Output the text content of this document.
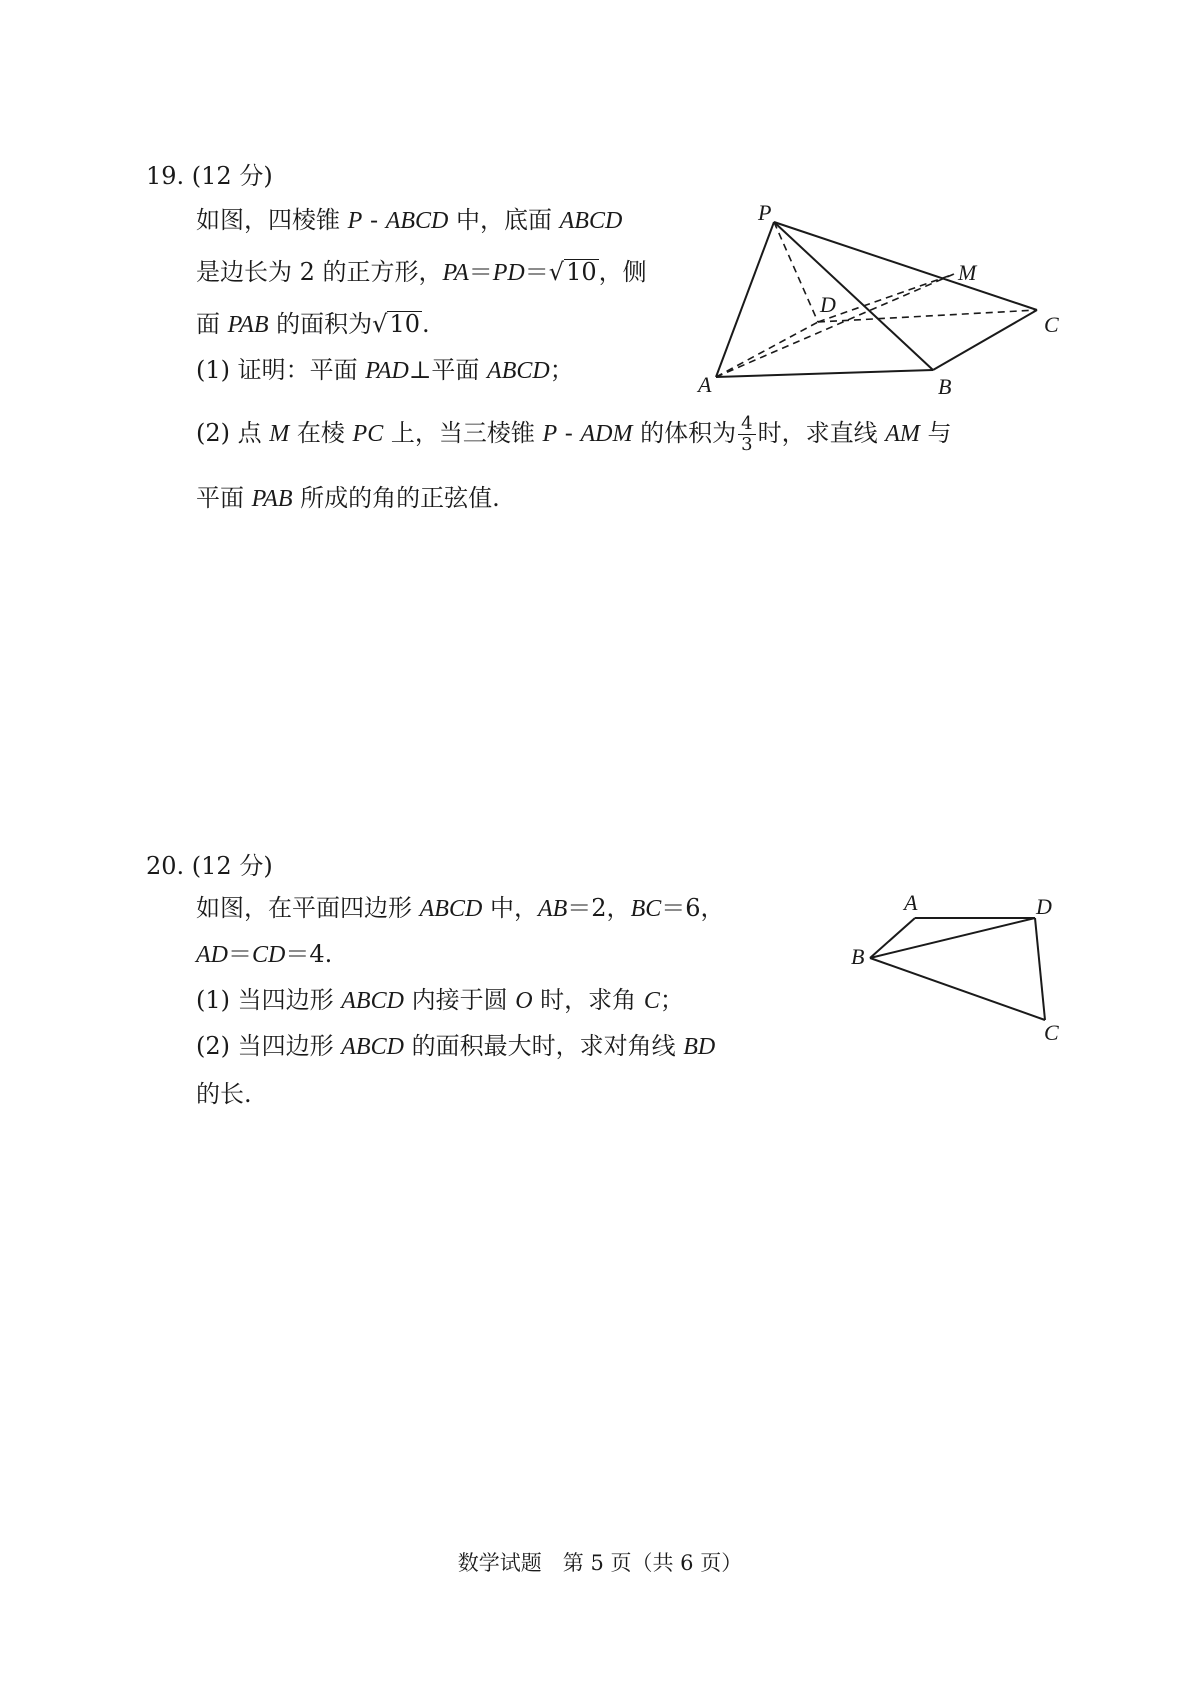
19. (12 分)
如图，四棱锥 P - ABCD 中，底面 ABCD
是边长为 2 的正方形，PA＝PD＝√10，侧
面 PAB 的面积为√10.
(1) 证明：平面 PAD⊥平面 ABCD；
(2) 点 M 在棱 PC 上，当三棱锥 P - ADM 的体积为 $\frac{4}{3}$ 时，求直线 AM 与
平面 PAB 所成的角的正弦值.
P
M
D
C
A	B
20. (12 分)
如图，在平面四边形 ABCD 中，AB＝2，BC＝6，
AD＝CD＝4.
(1) 当四边形 ABCD 内接于圆 O 时，求角 C；
(2) 当四边形 ABCD 的面积最大时，求对角线 BD
的长.
A	D
B
C
数学试题　第 5 页（共 6 页）
